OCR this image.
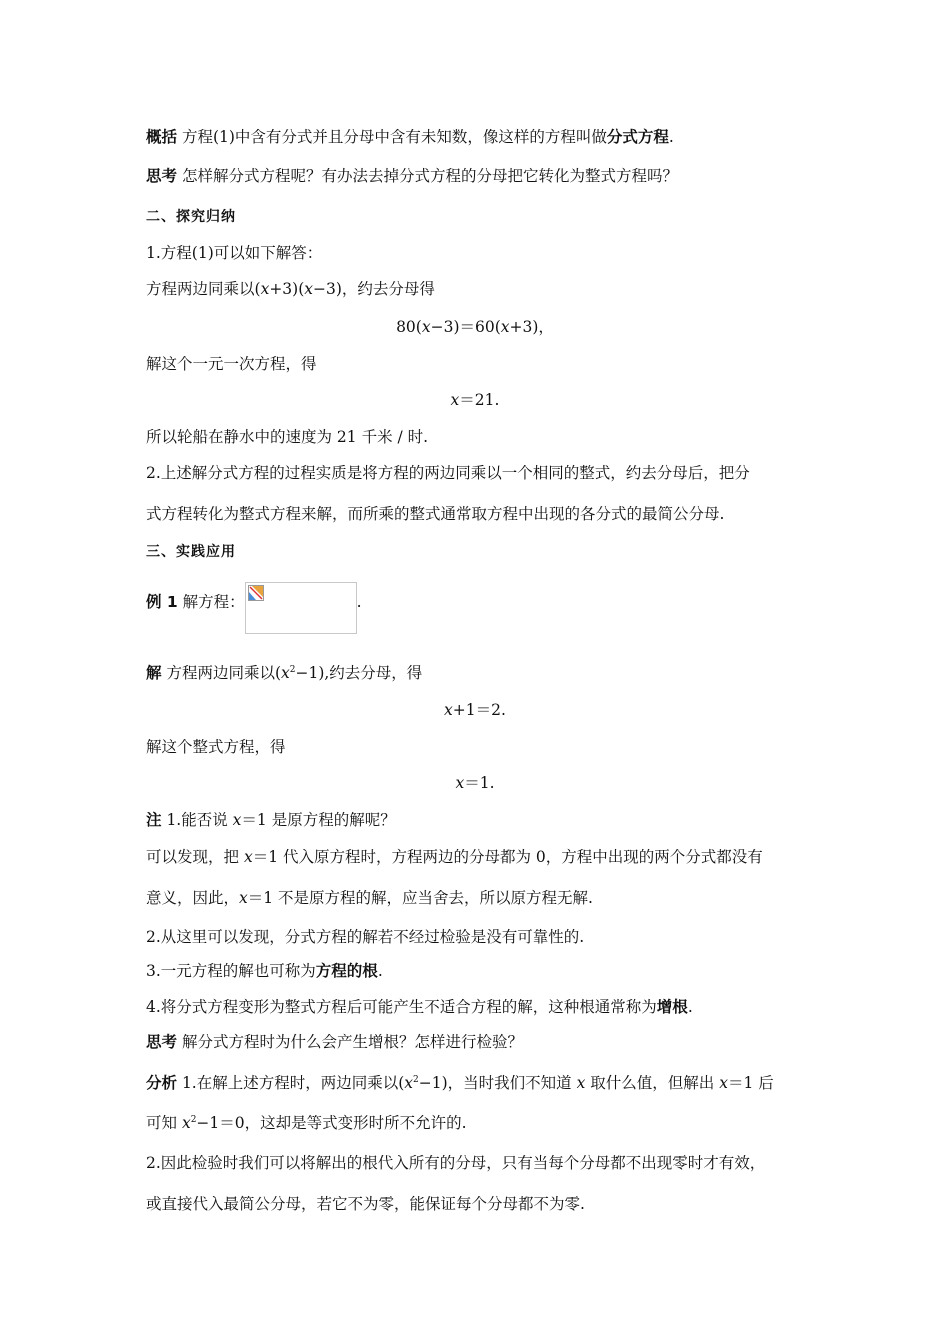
概括 方程(1)中含有分式并且分母中含有未知数，像这样的方程叫做分式方程.
思考 怎样解分式方程呢？有办法去掉分式方程的分母把它转化为整式方程吗？
二、探究归纳
1.方程(1)可以如下解答：
方程两边同乘以(x+3)(x−3)，约去分母得
80(x−3)＝60(x+3)，
解这个一元一次方程，得
x＝21.
所以轮船在静水中的速度为 21 千米 / 时.
2.上述解分式方程的过程实质是将方程的两边同乘以一个相同的整式，约去分母后，把分
式方程转化为整式方程来解，而所乘的整式通常取方程中出现的各分式的最简公分母.
三、实践应用
例 1 解方程：	.
解 方程两边同乘以$(x^2-1)$,约去分母，得
x+1＝2.
解这个整式方程，得
x＝1.
注 1.能否说 x＝1 是原方程的解呢？
可以发现，把 x＝1 代入原方程时，方程两边的分母都为 0，方程中出现的两个分式都没有
意义，因此，x＝1 不是原方程的解，应当舍去，所以原方程无解.
2.从这里可以发现，分式方程的解若不经过检验是没有可靠性的.
3.一元方程的解也可称为方程的根.
4.将分式方程变形为整式方程后可能产生不适合方程的解，这种根通常称为增根.
思考 解分式方程时为什么会产生增根？怎样进行检验？
分析 1.在解上述方程时，两边同乘以$(x^2-1)$，当时我们不知道 x 取什么值，但解出 x＝1 后
可知 $x^2-1=0$，这却是等式变形时所不允许的.
2.因此检验时我们可以将解出的根代入所有的分母，只有当每个分母都不出现零时才有效，
或直接代入最简公分母，若它不为零，能保证每个分母都不为零.
